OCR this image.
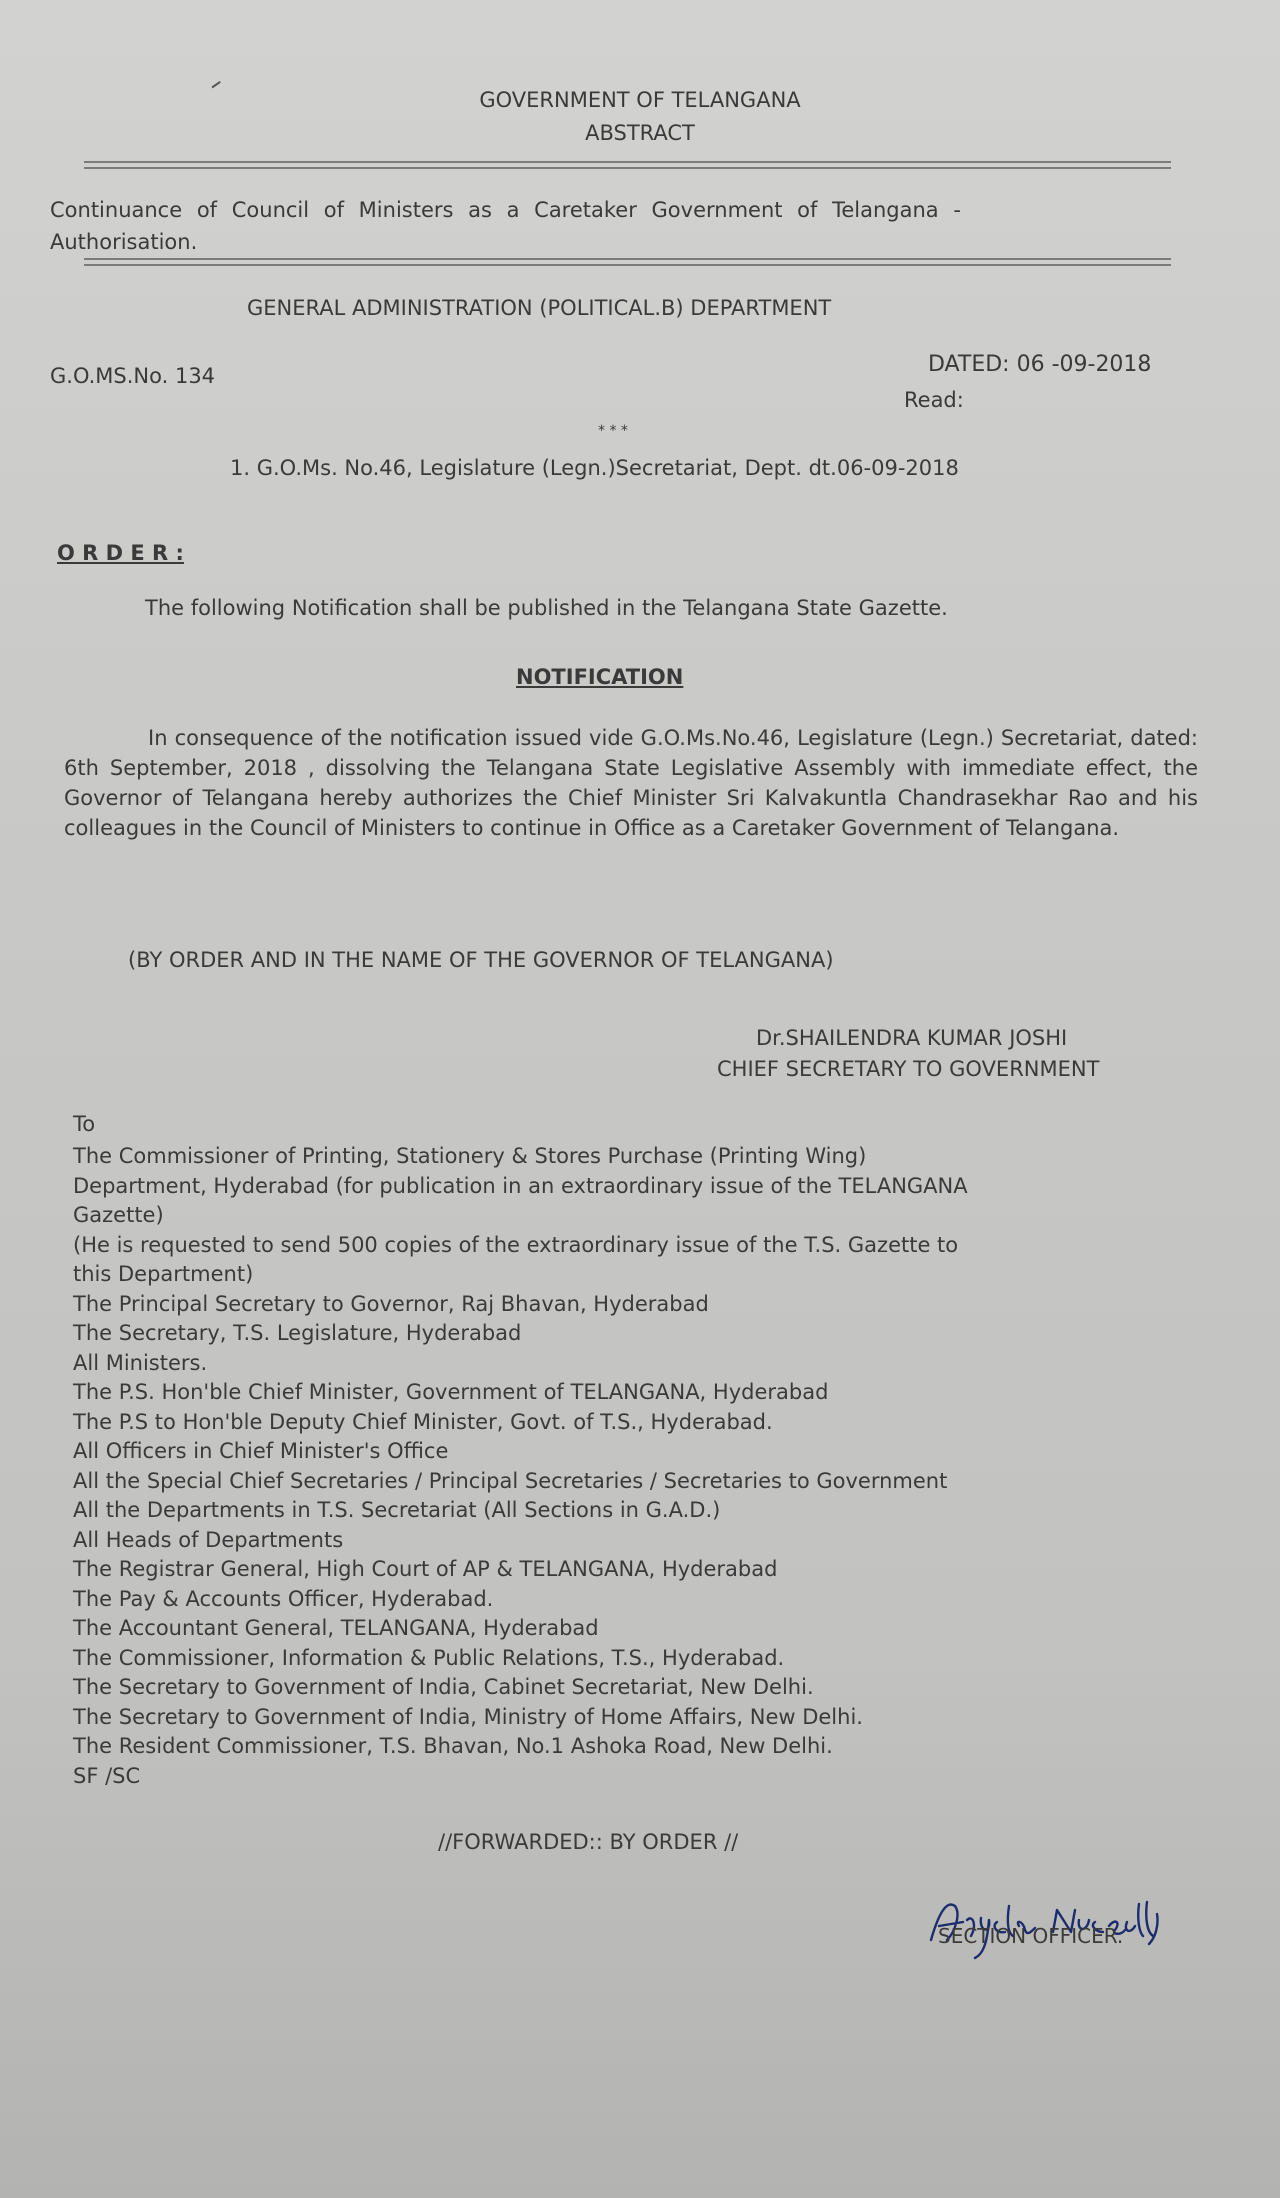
GOVERNMENT OF TELANGANA
ABSTRACT
Continuance of Council of Ministers as a Caretaker Government of Telangana -
Authorisation.
GENERAL ADMINISTRATION (POLITICAL.B) DEPARTMENT
G.O.MS.No. 134	DATED: 06 -09-2018
Read:
* * *
1. G.O.Ms. No.46, Legislature (Legn.)Secretariat, Dept. dt.06-09-2018
O R D E R :
The following Notification shall be published in the Telangana State Gazette.
NOTIFICATION
In consequence of the notification issued vide G.O.Ms.No.46, Legislature (Legn.) Secretariat, dated: 6th September, 2018 , dissolving the Telangana State Legislative Assembly with immediate effect, the Governor of Telangana hereby authorizes the Chief Minister Sri Kalvakuntla Chandrasekhar Rao and his colleagues in the Council of Ministers to continue in Office as a Caretaker Government of Telangana.
(BY ORDER AND IN THE NAME OF THE GOVERNOR OF TELANGANA)
Dr.SHAILENDRA KUMAR JOSHI
CHIEF SECRETARY TO GOVERNMENT
To
The Commissioner of Printing, Stationery & Stores Purchase (Printing Wing)
Department, Hyderabad (for publication in an extraordinary issue of the TELANGANA
Gazette)
(He is requested to send 500 copies of the extraordinary issue of the T.S. Gazette to
this Department)
The Principal Secretary to Governor, Raj Bhavan, Hyderabad
The Secretary, T.S. Legislature, Hyderabad
All Ministers.
The P.S. Hon'ble Chief Minister, Government of TELANGANA, Hyderabad
The P.S to Hon'ble Deputy Chief Minister, Govt. of T.S., Hyderabad.
All Officers in Chief Minister's Office
All the Special Chief Secretaries / Principal Secretaries / Secretaries to Government
All the Departments in T.S. Secretariat (All Sections in G.A.D.)
All Heads of Departments
The Registrar General, High Court of AP & TELANGANA, Hyderabad
The Pay & Accounts Officer, Hyderabad.
The Accountant General, TELANGANA, Hyderabad
The Commissioner, Information & Public Relations, T.S., Hyderabad.
The Secretary to Government of India, Cabinet Secretariat, New Delhi.
The Secretary to Government of India, Ministry of Home Affairs, New Delhi.
The Resident Commissioner, T.S. Bhavan, No.1 Ashoka Road, New Delhi.
SF /SC
//FORWARDED:: BY ORDER //
SECTION OFFICER.
